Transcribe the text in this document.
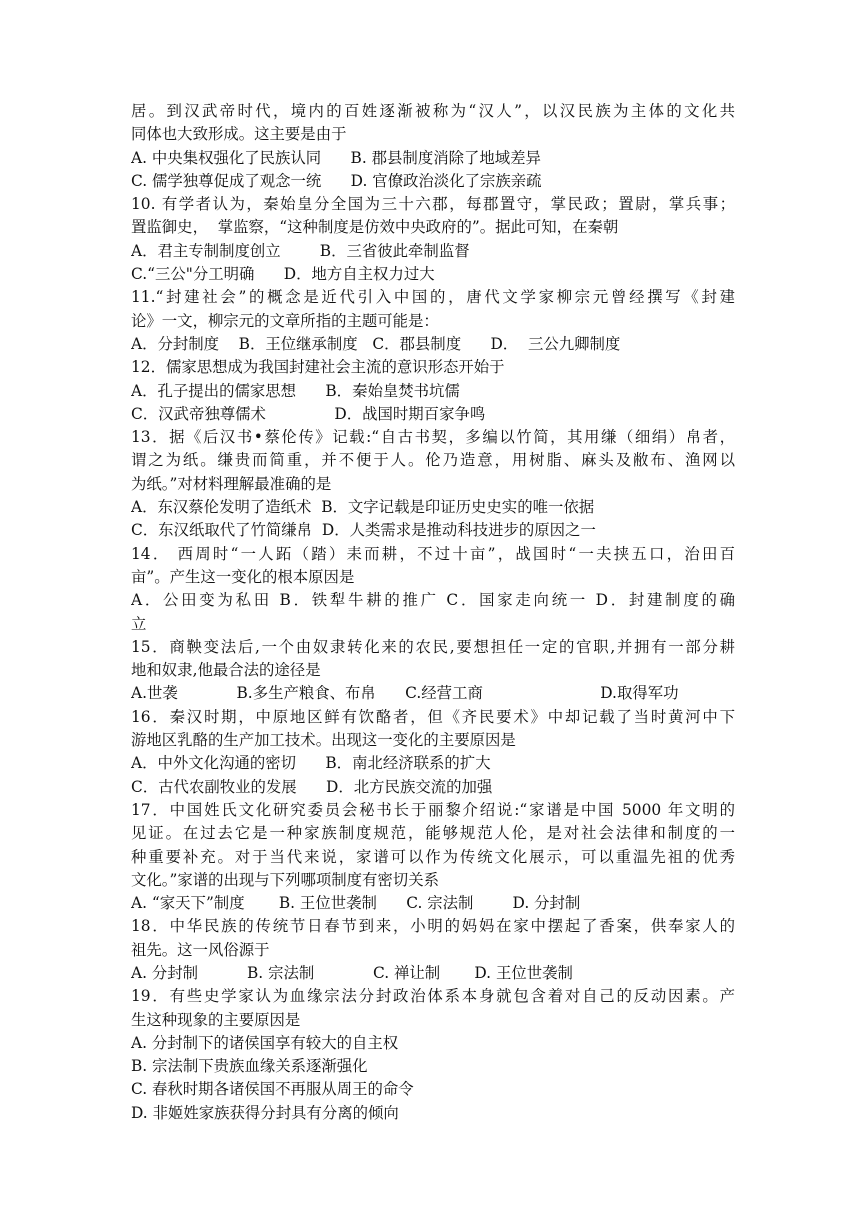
居。到汉武帝时代，境内的百姓逐渐被称为“汉人”，以汉民族为主体的文化共
同体也大致形成。这主要是由于
A. 中央集权强化了民族认同      B. 郡县制度消除了地域差异
C. 儒学独尊促成了观念一统      D. 官僚政治淡化了宗族亲疏
10. 有学者认为，秦始皇分全国为三十六郡，每郡置守，掌民政；置尉，掌兵事；
置监御史，  掌监察，“这种制度是仿效中央政府的”。据此可知，在秦朝
A．君主专制制度创立        B．三省彼此牵制监督
C.“三公"分工明确      D．地方自主权力过大
11.“封建社会”的概念是近代引入中国的，唐代文学家柳宗元曾经撰写《封建
论》一文，柳宗元的文章所指的主题可能是：
A．分封制度    B．王位继承制度   C．郡县制度      D．  三公九卿制度
12．儒家思想成为我国封建社会主流的意识形态开始于
A．孔子提出的儒家思想      B．秦始皇焚书坑儒
C．汉武帝独尊儒术              D．战国时期百家争鸣
13．据《后汉书•蔡伦传》记载:“自古书契，多编以竹简，其用缣（细绢）帛者，
谓之为纸。缣贵而简重，并不便于人。伦乃造意，用树脂、麻头及敝布、渔网以
为纸。”对材料理解最准确的是
A．东汉蔡伦发明了造纸术  B．文字记载是印证历史史实的唯一依据
C．东汉纸取代了竹简缣帛  D．人类需求是推动科技进步的原因之一
14． 西周时“一人跖（踏）耒而耕，不过十亩”，战国时“一夫挟五口，治田百
亩”。产生这一变化的根本原因是
A．公田变为私田 B．铁犁牛耕的推广 C．国家走向统一 D．封建制度的确
立
15．商鞅变法后,一个由奴隶转化来的农民,要想担任一定的官职,并拥有一部分耕
地和奴隶,他最合法的途径是
A.世袭            B.多生产粮食、布帛      C.经营工商                        D.取得军功
16．秦汉时期，中原地区鲜有饮酪者，但《齐民要术》中却记载了当时黄河中下
游地区乳酪的生产加工技术。出现这一变化的主要原因是
A．中外文化沟通的密切      B．南北经济联系的扩大
C．古代农副牧业的发展      D．北方民族交流的加强
17．中国姓氏文化研究委员会秘书长于丽黎介绍说:“家谱是中国 5000 年文明的
见证。在过去它是一种家族制度规范，能够规范人伦，是对社会法律和制度的一
种重要补充。对于当代来说，家谱可以作为传统文化展示，可以重温先祖的优秀
文化。”家谱的出现与下列哪项制度有密切关系
A. “家天下”制度       B. 王位世袭制      C. 宗法制        D. 分封制
18．中华民族的传统节日春节到来，小明的妈妈在家中摆起了香案，供奉家人的
祖先。这一风俗源于
A. 分封制          B. 宗法制            C. 禅让制       D. 王位世袭制
19．有些史学家认为血缘宗法分封政治体系本身就包含着对自己的反动因素。产
生这种现象的主要原因是
A. 分封制下的诸侯国享有较大的自主权
B. 宗法制下贵族血缘关系逐渐强化
C. 春秋时期各诸侯国不再服从周王的命令
D. 非姬姓家族获得分封具有分离的倾向
